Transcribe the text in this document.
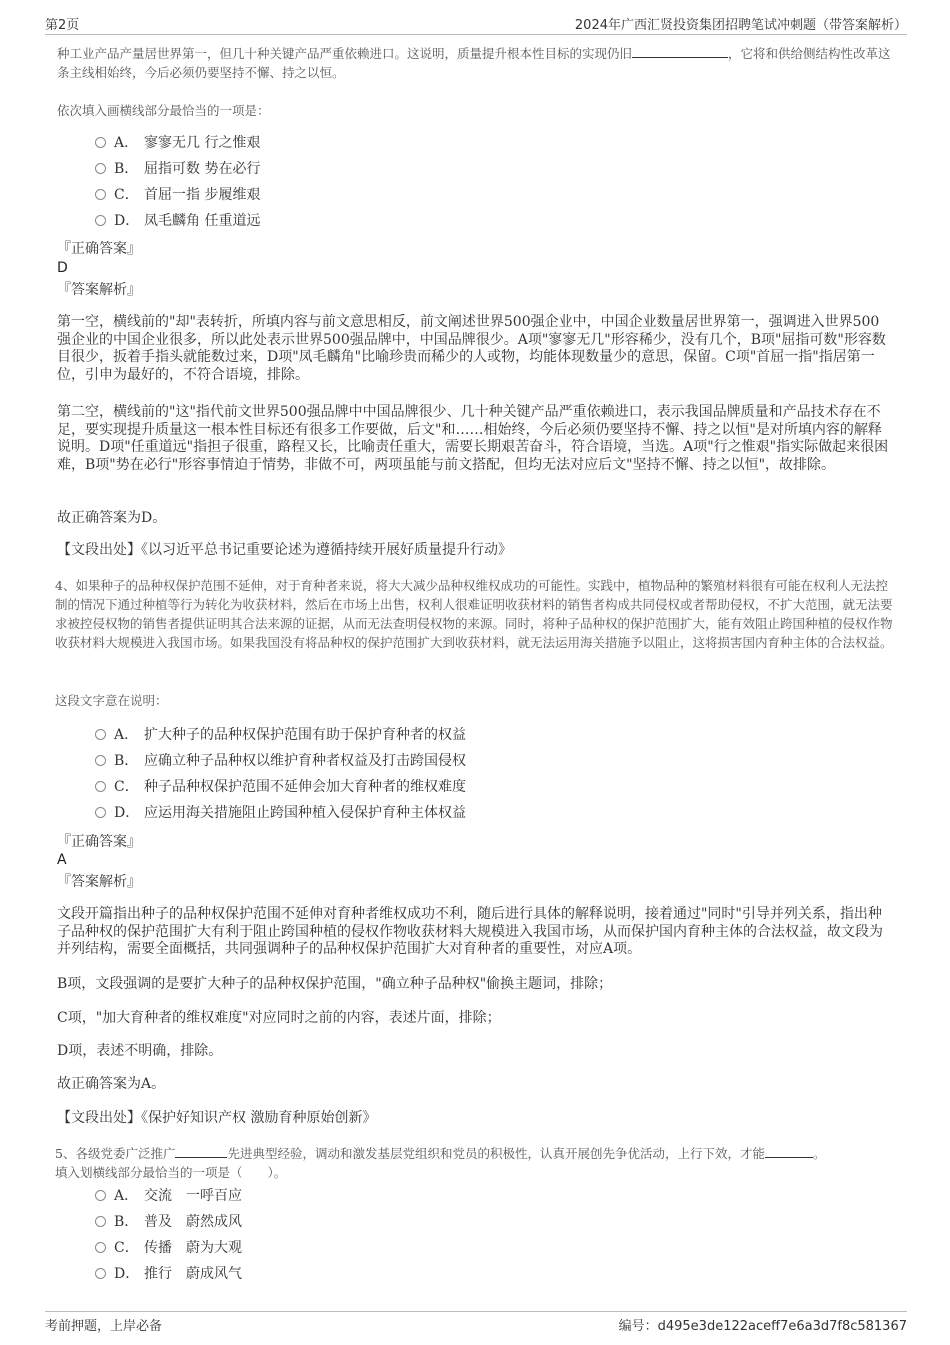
第2页	2024年广西汇贤投资集团招聘笔试冲刺题（带答案解析）
种工业产品产量居世界第一，但几十种关键产品严重依赖进口。这说明，质量提升根本性目标的实现仍旧	，它将和供给侧结构性改革这条主线相始终，今后必须仍要坚持不懈、持之以恒。
依次填入画横线部分最恰当的一项是：
A． 寥寥无几 行之惟艰
B． 屈指可数 势在必行
C． 首屈一指 步履维艰
D． 凤毛麟角 任重道远
『正确答案』
D
『答案解析』
第一空，横线前的"却"表转折，所填内容与前文意思相反，前文阐述世界500强企业中，中国企业数量居世界第一，强调进入世界500强企业的中国企业很多，所以此处表示世界500强品牌中，中国品牌很少。A项"寥寥无几"形容稀少，没有几个，B项"屈指可数"形容数目很少，扳着手指头就能数过来，D项"凤毛麟角"比喻珍贵而稀少的人或物，均能体现数量少的意思，保留。C项"首屈一指"指居第一位，引申为最好的，不符合语境，排除。
第二空，横线前的"这"指代前文世界500强品牌中中国品牌很少、几十种关键产品严重依赖进口，表示我国品牌质量和产品技术存在不足，要实现提升质量这一根本性目标还有很多工作要做，后文"和……相始终，今后必须仍要坚持不懈、持之以恒"是对所填内容的解释说明。D项"任重道远"指担子很重，路程又长，比喻责任重大，需要长期艰苦奋斗，符合语境，当选。A项"行之惟艰"指实际做起来很困难，B项"势在必行"形容事情迫于情势，非做不可，两项虽能与前文搭配，但均无法对应后文"坚持不懈、持之以恒"，故排除。
故正确答案为D。
【文段出处】《以习近平总书记重要论述为遵循持续开展好质量提升行动》
4、如果种子的品种权保护范围不延伸，对于育种者来说，将大大减少品种权维权成功的可能性。实践中，植物品种的繁殖材料很有可能在权利人无法控制的情况下通过种植等行为转化为收获材料，然后在市场上出售，权利人很难证明收获材料的销售者构成共同侵权或者帮助侵权，不扩大范围，就无法要求被控侵权物的销售者提供证明其合法来源的证据，从而无法查明侵权物的来源。同时，将种子品种权的保护范围扩大，能有效阻止跨国种植的侵权作物收获材料大规模进入我国市场。如果我国没有将品种权的保护范围扩大到收获材料，就无法运用海关措施予以阻止，这将损害国内育种主体的合法权益。
这段文字意在说明：
A． 扩大种子的品种权保护范围有助于保护育种者的权益
B． 应确立种子品种权以维护育种者权益及打击跨国侵权
C． 种子品种权保护范围不延伸会加大育种者的维权难度
D． 应运用海关措施阻止跨国种植入侵保护育种主体权益
『正确答案』
A
『答案解析』
文段开篇指出种子的品种权保护范围不延伸对育种者维权成功不利，随后进行具体的解释说明，接着通过"同时"引导并列关系，指出种子品种权的保护范围扩大有利于阻止跨国种植的侵权作物收获材料大规模进入我国市场，从而保护国内育种主体的合法权益，故文段为并列结构，需要全面概括，共同强调种子的品种权保护范围扩大对育种者的重要性，对应A项。
B项，文段强调的是要扩大种子的品种权保护范围，"确立种子品种权"偷换主题词，排除；
C项，"加大育种者的维权难度"对应同时之前的内容，表述片面，排除；
D项，表述不明确，排除。
故正确答案为A。
【文段出处】《保护好知识产权 激励育种原始创新》
5、各级党委广泛推广	先进典型经验，调动和激发基层党组织和党员的积极性，认真开展创先争优活动，上行下效，才能	。
填入划横线部分最恰当的一项是（　　）。
A． 交流　一呼百应
B． 普及　蔚然成风
C． 传播　蔚为大观
D． 推行　蔚成风气
考前押题，上岸必备	编号：d495e3de122aceff7e6a3d7f8c581367
